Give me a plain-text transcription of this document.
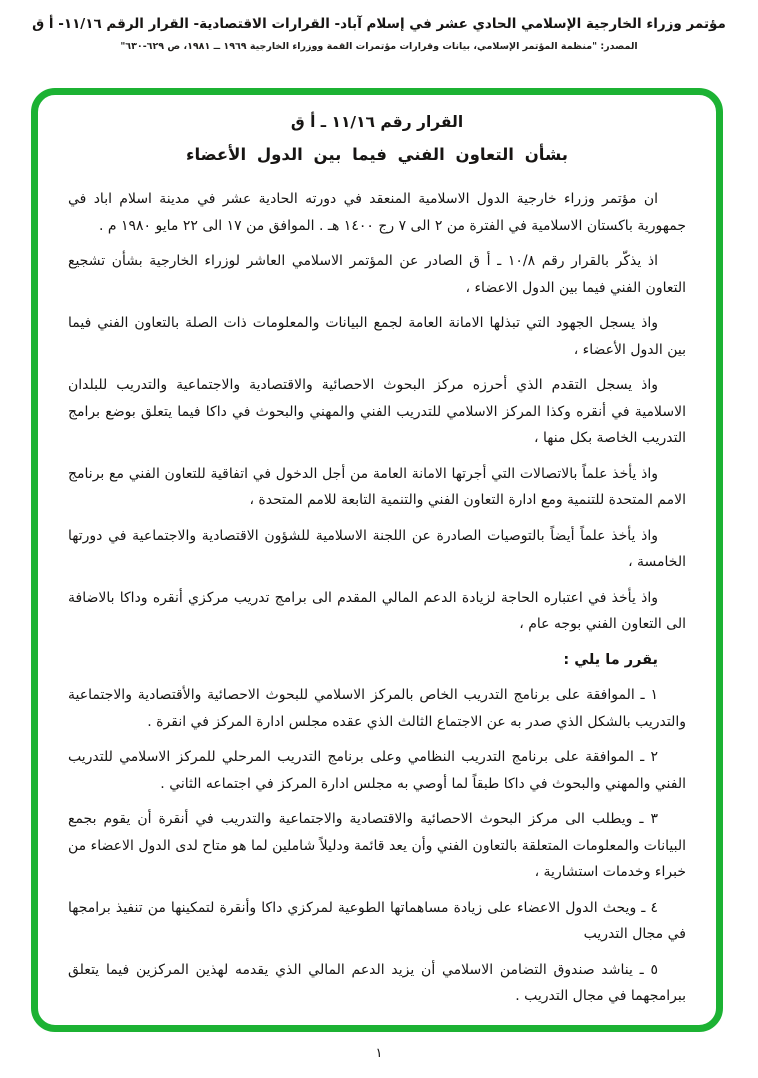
مؤتمر وزراء الخارجية الإسلامي الحادي عشر في إسلام آباد- القرارات الاقتصادية- القرار الرقم ١١/١٦- أ ق
المصدر: "منظمة المؤتمر الإسلامي، بيانات وقرارات مؤتمرات القمة ووزراء الخارجية ١٩٦٩ ــ ١٩٨١، ص ٦٢٩-٦٣٠"
القرار رقم ١١/١٦ ـ أ ق
بشأن التعاون الفني فيما بين الدول الأعضاء

ان مؤتمر وزراء خارجية الدول الاسلامية المنعقد في دورته الحادية عشر في مدينة اسلام اباد في جمهورية باكستان الاسلامية في الفترة من ٢ الى ٧ رج ١٤٠٠ هـ . الموافق من ١٧ الى ٢٢ مايو ١٩٨٠ م .

اذ يذكّر بالقرار رقم ١٠/٨ ـ أ ق الصادر عن المؤتمر الاسلامي العاشر لوزراء الخارجية بشأن تشجيع التعاون الفني فيما بين الدول الاعضاء ،

واذ يسجل الجهود التي تبذلها الامانة العامة لجمع البيانات والمعلومات ذات الصلة بالتعاون الفني فيما بين الدول الأعضاء ،

واذ يسجل التقدم الذي أحرزه مركز البحوث الاحصائية والاقتصادية والاجتماعية والتدريب للبلدان الاسلامية في أنقره وكذا المركز الاسلامي للتدريب الفني والمهني والبحوث في داكا فيما يتعلق بوضع برامج التدريب الخاصة بكل منها ،

واذ يأخذ علماً بالاتصالات التي أجرتها الامانة العامة من أجل الدخول في اتفاقية للتعاون الفني مع برنامج الامم المتحدة للتنمية ومع ادارة التعاون الفني والتنمية التابعة للامم المتحدة ،

واذ يأخذ علماً أيضاً بالتوصيات الصادرة عن اللجنة الاسلامية للشؤون الاقتصادية والاجتماعية في دورتها الخامسة ،

واذ يأخذ في اعتباره الحاجة لزيادة الدعم المالي المقدم الى برامج تدريب مركزي أنقره وداكا بالاضافة الى التعاون الفني بوجه عام ،

يقرر ما يلي :

١ ـ الموافقة على برنامج التدريب الخاص بالمركز الاسلامي للبحوث الاحصائية والأقتصادية والاجتماعية والتدريب بالشكل الذي صدر به عن الاجتماع الثالث الذي عقده مجلس ادارة المركز في انقرة .

٢ ـ الموافقة على برنامج التدريب النظامي وعلى برنامج التدريب المرحلي للمركز الاسلامي للتدريب الفني والمهني والبحوث في داكا طبقاً لما أوصي به مجلس ادارة المركز في اجتماعه الثاني .

٣ ـ ويطلب الى مركز البحوث الاحصائية والاقتصادية والاجتماعية والتدريب في أنقرة أن يقوم بجمع البيانات والمعلومات المتعلقة بالتعاون الفني وأن يعد قائمة ودليلاً شاملين لما هو متاح لدى الدول الاعضاء من خبراء وخدمات استشارية ،

٤ ـ ويحث الدول الاعضاء على زيادة مساهماتها الطوعية لمركزي داكا وأنقرة لتمكينها من تنفيذ برامجها في مجال التدريب

٥ ـ يناشد صندوق التضامن الاسلامي أن يزيد الدعم المالي الذي يقدمه لهذين المركزين فيما يتعلق ببرامجهما في مجال التدريب .

١
